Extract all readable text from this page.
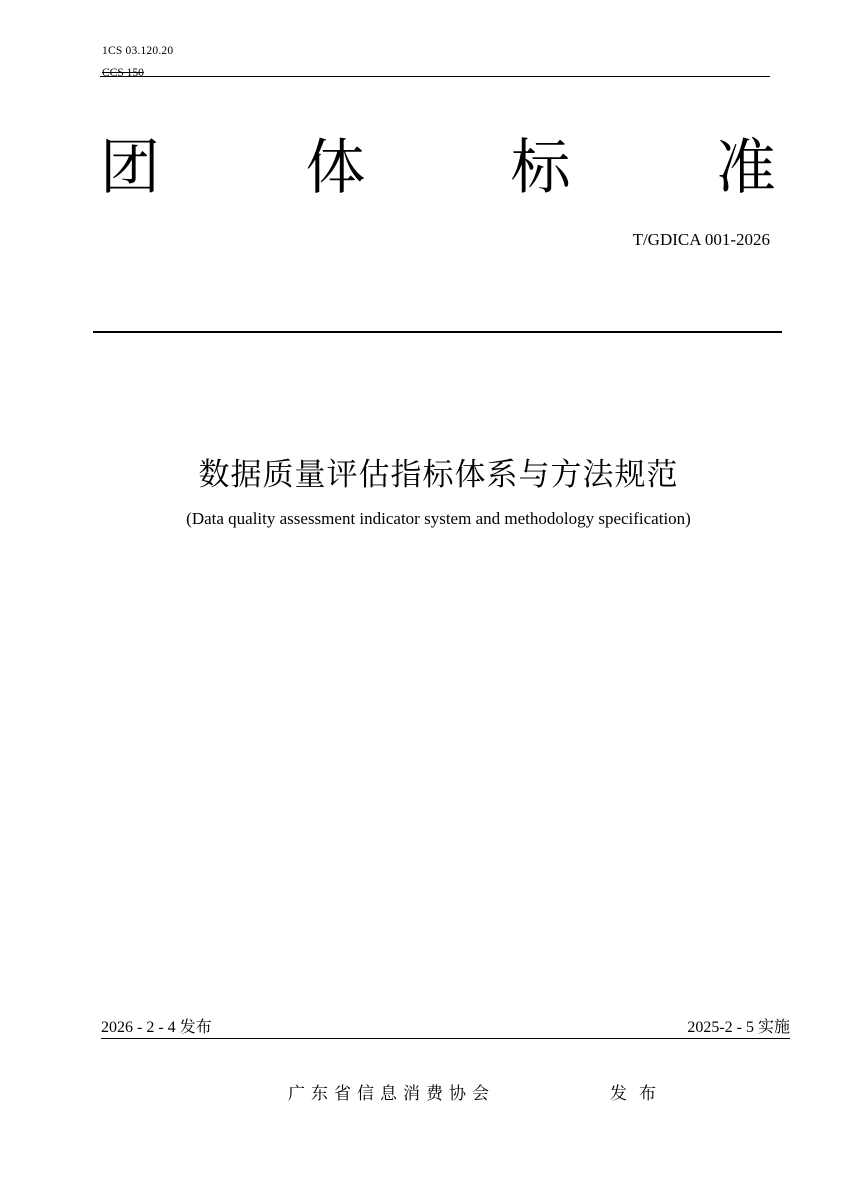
1CS 03.120.20
CCS 150
团 体 标 准
T/GDICA 001-2026
数据质量评估指标体系与方法规范
(Data quality assessment indicator system and methodology specification)
2026 - 2 - 4 发布	2025-2 - 5 实施
广东省信息消费协会	发布
